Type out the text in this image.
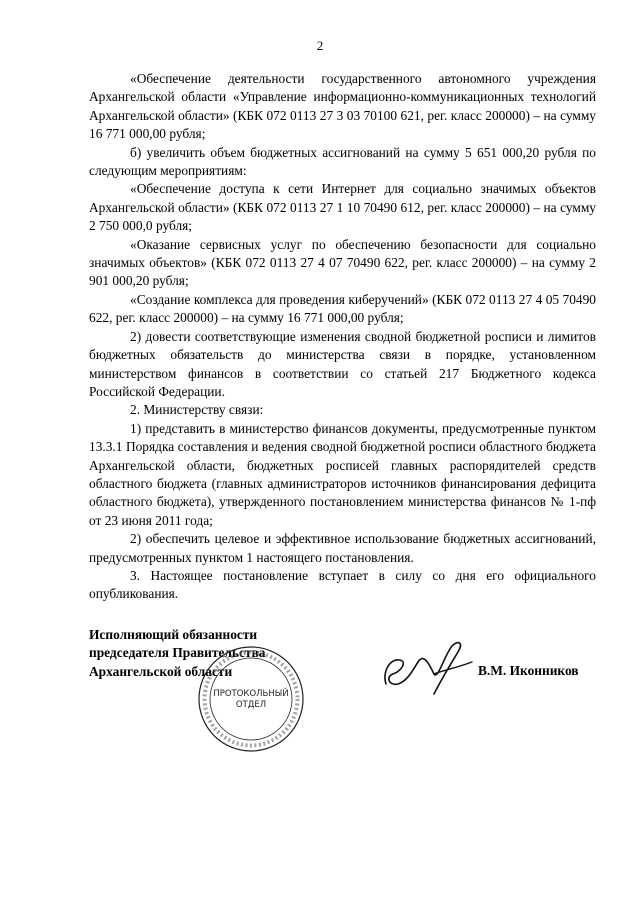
2

«Обеспечение деятельности государственного автономного учреждения Архангельской области «Управление информационно-коммуникационных технологий Архангельской области» (КБК 072 0113 27 3 03 70100 621, рег. класс 200000) – на сумму 16 771 000,00 рубля;

б) увеличить объем бюджетных ассигнований на сумму 5 651 000,20 рубля по следующим мероприятиям:

«Обеспечение доступа к сети Интернет для социально значимых объектов Архангельской области» (КБК 072 0113 27 1 10 70490 612, рег. класс 200000) – на сумму 2 750 000,0 рубля;

«Оказание сервисных услуг по обеспечению безопасности для социально значимых объектов» (КБК 072 0113 27 4 07 70490 622, рег. класс 200000) – на сумму 2 901 000,20 рубля;

«Создание комплекса для проведения киберучений» (КБК 072 0113 27 4 05 70490 622, рег. класс 200000) – на сумму 16 771 000,00 рубля;

2) довести соответствующие изменения сводной бюджетной росписи и лимитов бюджетных обязательств до министерства связи в порядке, установленном министерством финансов в соответствии со статьей 217 Бюджетного кодекса Российской Федерации.

2. Министерству связи:

1) представить в министерство финансов документы, предусмотренные пунктом 13.3.1 Порядка составления и ведения сводной бюджетной росписи областного бюджета Архангельской области, бюджетных росписей главных распорядителей средств областного бюджета (главных администраторов источников финансирования дефицита областного бюджета), утвержденного постановлением министерства финансов № 1-пф от 23 июня 2011 года;

2) обеспечить целевое и эффективное использование бюджетных ассигнований, предусмотренных пунктом 1 настоящего постановления.

3. Настоящее постановление вступает в силу со дня его официального опубликования.

Исполняющий обязанности
председателя Правительства
Архангельской области
ПРОТОКОЛЬНЫЙ
ОТДЕЛ
В.М. Иконников
